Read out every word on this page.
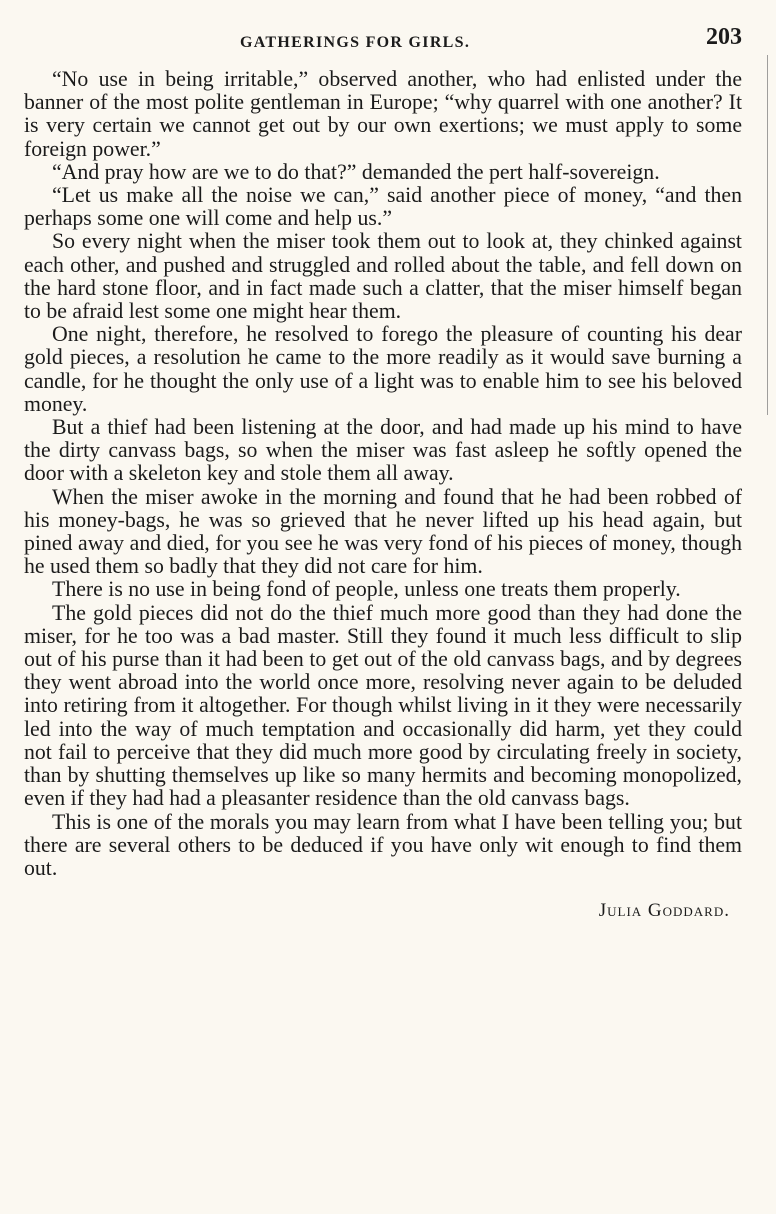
GATHERINGS FOR GIRLS.	203

“No use in being irritable,” observed another, who had enlisted under the banner of the most polite gentleman in Europe; “why quarrel with one another? It is very certain we cannot get out by our own exertions; we must apply to some foreign power.”

“And pray how are we to do that?” demanded the pert half-sovereign.

“Let us make all the noise we can,” said another piece of money, “and then perhaps some one will come and help us.”

So every night when the miser took them out to look at, they chinked against each other, and pushed and struggled and rolled about the table, and fell down on the hard stone floor, and in fact made such a clatter, that the miser himself began to be afraid lest some one might hear them.

One night, therefore, he resolved to forego the pleasure of counting his dear gold pieces, a resolution he came to the more readily as it would save burning a candle, for he thought the only use of a light was to enable him to see his beloved money.

But a thief had been listening at the door, and had made up his mind to have the dirty canvass bags, so when the miser was fast asleep he softly opened the door with a skeleton key and stole them all away.

When the miser awoke in the morning and found that he had been robbed of his money-bags, he was so grieved that he never lifted up his head again, but pined away and died, for you see he was very fond of his pieces of money, though he used them so badly that they did not care for him.

There is no use in being fond of people, unless one treats them properly.

The gold pieces did not do the thief much more good than they had done the miser, for he too was a bad master. Still they found it much less difficult to slip out of his purse than it had been to get out of the old canvass bags, and by degrees they went abroad into the world once more, resolving never again to be deluded into retiring from it altogether. For though whilst living in it they were necessarily led into the way of much temptation and occasionally did harm, yet they could not fail to perceive that they did much more good by circulating freely in society, than by shutting themselves up like so many hermits and becoming monopolized, even if they had had a pleasanter residence than the old canvass bags.

This is one of the morals you may learn from what I have been telling you; but there are several others to be deduced if you have only wit enough to find them out.

Julia Goddard.
